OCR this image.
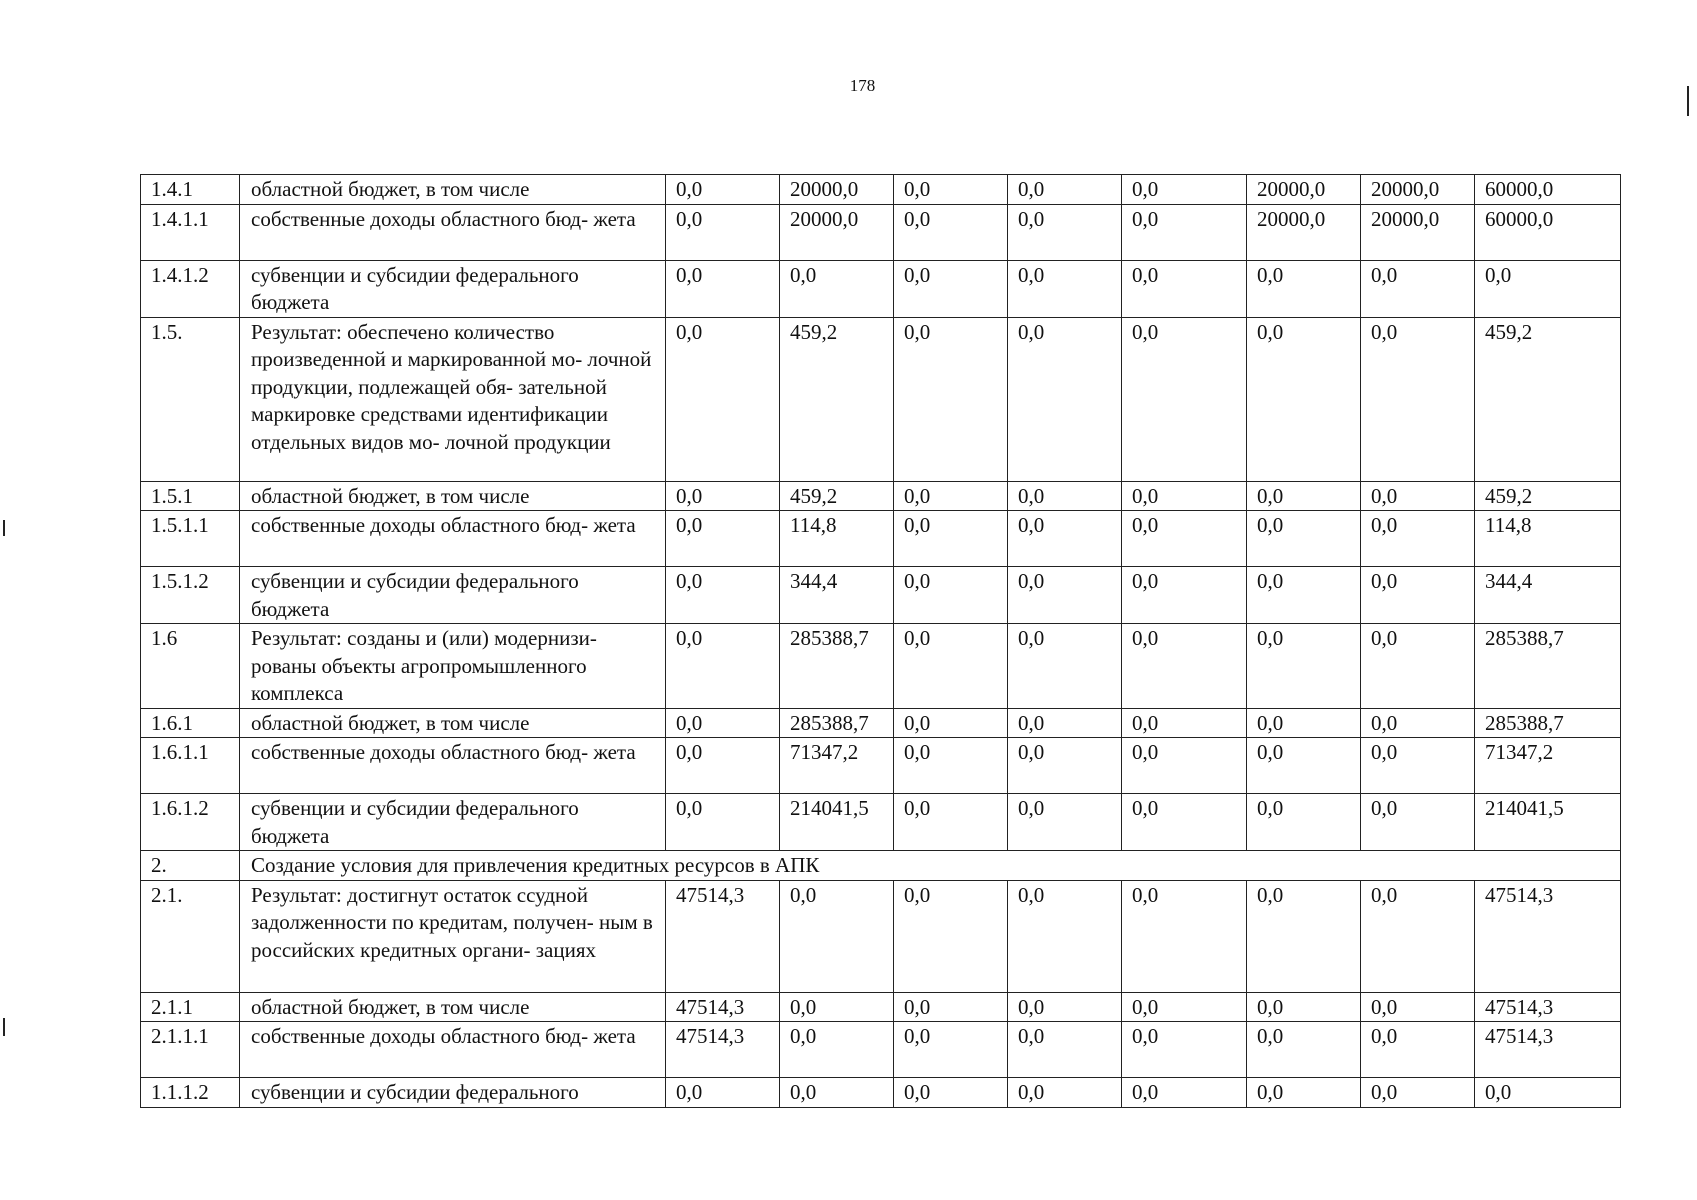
178
1.4.1	областной бюджет, в том числе	0,0	20000,0	0,0	0,0	0,0	20000,0	20000,0	60000,0
1.4.1.1	собственные доходы областного бюд- жета	0,0	20000,0	0,0	0,0	0,0	20000,0	20000,0	60000,0
1.4.1.2	субвенции и субсидии федерального бюджета	0,0	0,0	0,0	0,0	0,0	0,0	0,0	0,0
1.5.	Результат: обеспечено количество произведенной и маркированной мо- лочной продукции, подлежащей обя- зательной маркировке средствами идентификации отдельных видов мо- лочной продукции	0,0	459,2	0,0	0,0	0,0	0,0	0,0	459,2
1.5.1	областной бюджет, в том числе	0,0	459,2	0,0	0,0	0,0	0,0	0,0	459,2
1.5.1.1	собственные доходы областного бюд- жета	0,0	114,8	0,0	0,0	0,0	0,0	0,0	114,8
1.5.1.2	субвенции и субсидии федерального бюджета	0,0	344,4	0,0	0,0	0,0	0,0	0,0	344,4
1.6	Результат: созданы и (или) модернизи- рованы объекты агропромышленного комплекса	0,0	285388,7	0,0	0,0	0,0	0,0	0,0	285388,7
1.6.1	областной бюджет, в том числе	0,0	285388,7	0,0	0,0	0,0	0,0	0,0	285388,7
1.6.1.1	собственные доходы областного бюд- жета	0,0	71347,2	0,0	0,0	0,0	0,0	0,0	71347,2
1.6.1.2	субвенции и субсидии федерального бюджета	0,0	214041,5	0,0	0,0	0,0	0,0	0,0	214041,5
2.	Создание условия для привлечения кредитных ресурсов в АПК								
2.1.	Результат: достигнут остаток ссудной задолженности по кредитам, получен- ным в российских кредитных органи- зациях	47514,3	0,0	0,0	0,0	0,0	0,0	0,0	47514,3
2.1.1	областной бюджет, в том числе	47514,3	0,0	0,0	0,0	0,0	0,0	0,0	47514,3
2.1.1.1	собственные доходы областного бюд- жета	47514,3	0,0	0,0	0,0	0,0	0,0	0,0	47514,3
1.1.1.2	субвенции и субсидии федерального	0,0	0,0	0,0	0,0	0,0	0,0	0,0	0,0
